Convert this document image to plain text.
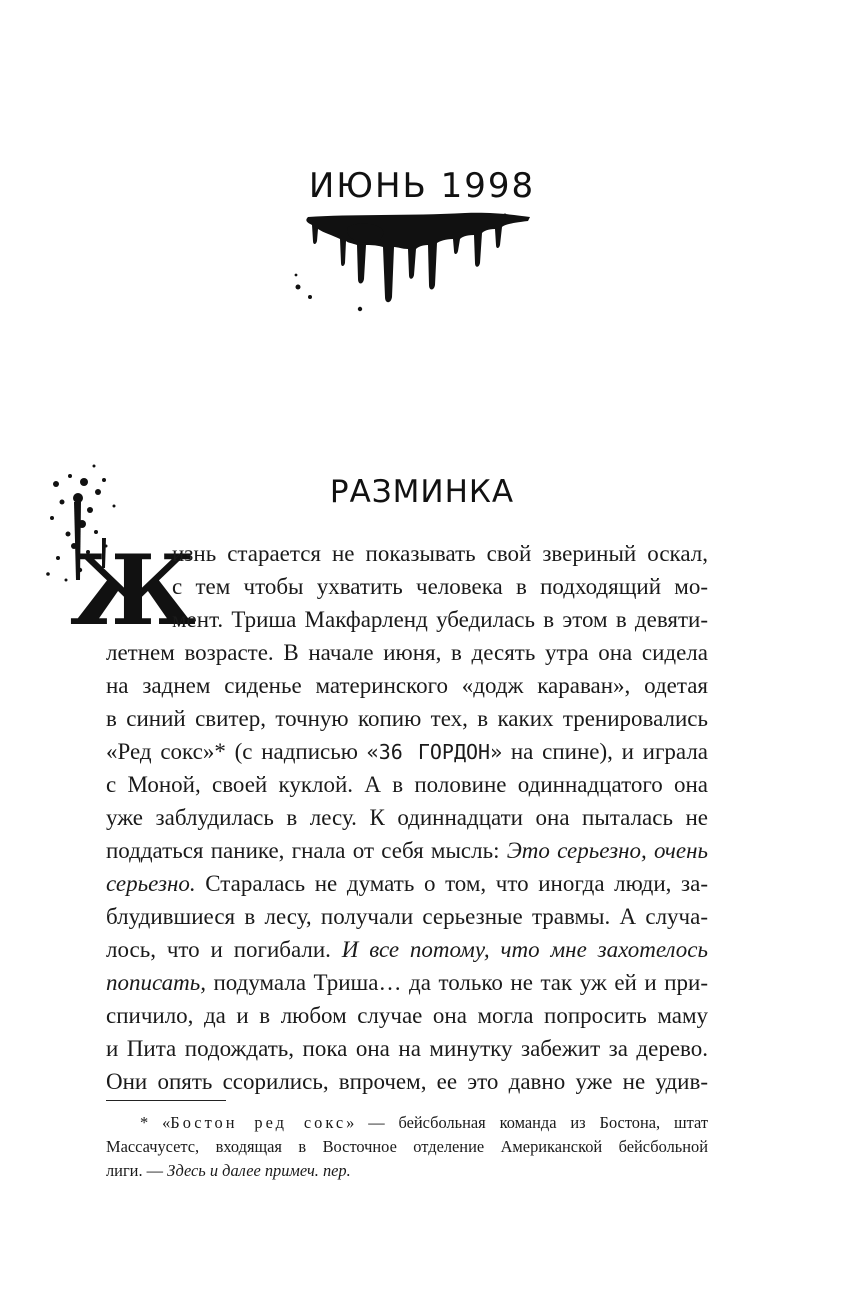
ИЮНЬ 1998
РАЗМИНКА
Ж
изнь старается не показывать свой звериный оскал,
с тем чтобы ухватить человека в подходящий мо-
мент. Триша Макфарленд убедилась в этом в девяти-
летнем возрасте. В начале июня, в десять утра она сидела
на заднем сиденье материнского «додж караван», одетая
в синий свитер, точную копию тех, в каких тренировались
«Ред сокс»* (с надписью «36 ГОРДОН» на спине), и играла
с Моной, своей куклой. А в половине одиннадцатого она
уже заблудилась в лесу. К одиннадцати она пыталась не
поддаться панике, гнала от себя мысль: Это серьезно, очень
серьезно. Старалась не думать о том, что иногда люди, за-
блудившиеся в лесу, получали серьезные травмы. А случа-
лось, что и погибали. И все потому, что мне захотелось
пописать, подумала Триша… да только не так уж ей и при-
спичило, да и в любом случае она могла попросить маму
и Пита подождать, пока она на минутку забежит за дерево.
Они опять ссорились, впрочем, ее это давно уже не удив-
* «Бостон ред сокс» — бейсбольная команда из Бостона, штат
Массачусетс, входящая в Восточное отделение Американской бейсбольной
лиги. — Здесь и далее примеч. пер.
